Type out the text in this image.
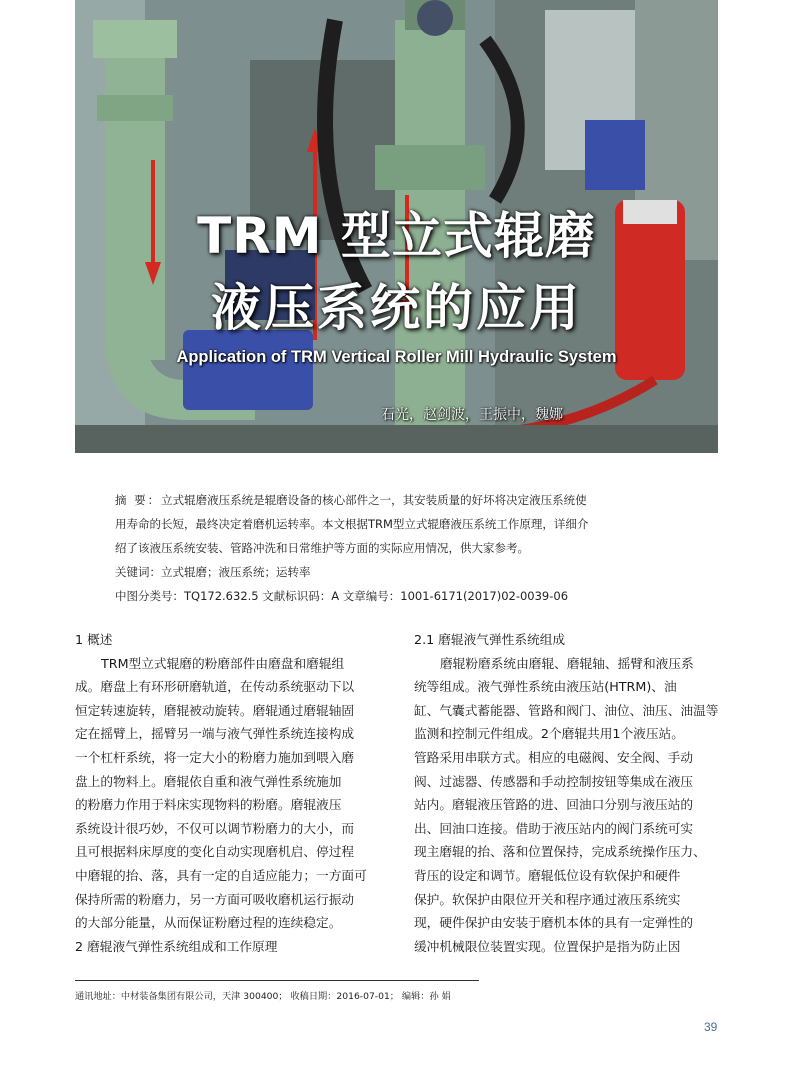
TRM 型立式辊磨
液压系统的应用
Application of TRM Vertical Roller Mill Hydraulic System
石光，赵剑波，王振中，魏娜
摘 要：立式辊磨液压系统是辊磨设备的核心部件之一，其安装质量的好坏将决定液压系统使
用寿命的长短，最终决定着磨机运转率。本文根据TRM型立式辊磨液压系统工作原理，详细介
绍了该液压系统安装、管路冲洗和日常维护等方面的实际应用情况，供大家参考。
关键词：立式辊磨；液压系统；运转率
中图分类号：TQ172.632.5 文献标识码：A 文章编号：1001-6171(2017)02-0039-06
1 概述
TRM型立式辊磨的粉磨部件由磨盘和磨辊组
成。磨盘上有环形研磨轨道，在传动系统驱动下以
恒定转速旋转，磨辊被动旋转。磨辊通过磨辊轴固
定在摇臂上，摇臂另一端与液气弹性系统连接构成
一个杠杆系统，将一定大小的粉磨力施加到喂入磨
盘上的物料上。磨辊依自重和液气弹性系统施加
的粉磨力作用于料床实现物料的粉磨。磨辊液压
系统设计很巧妙，不仅可以调节粉磨力的大小，而
且可根据料床厚度的变化自动实现磨机启、停过程
中磨辊的抬、落，具有一定的自适应能力；一方面可
保持所需的粉磨力，另一方面可吸收磨机运行振动
的大部分能量，从而保证粉磨过程的连续稳定。
2 磨辊液气弹性系统组成和工作原理
2.1 磨辊液气弹性系统组成
磨辊粉磨系统由磨辊、磨辊轴、摇臂和液压系
统等组成。液气弹性系统由液压站(HTRM)、油
缸、气囊式蓄能器、管路和阀门、油位、油压、油温等
监测和控制元件组成。2个磨辊共用1个液压站。
管路采用串联方式。相应的电磁阀、安全阀、手动
阀、过滤器、传感器和手动控制按钮等集成在液压
站内。磨辊液压管路的进、回油口分别与液压站的
出、回油口连接。借助于液压站内的阀门系统可实
现主磨辊的抬、落和位置保持，完成系统操作压力、
背压的设定和调节。磨辊低位设有软保护和硬件
保护。软保护由限位开关和程序通过液压系统实
现，硬件保护由安装于磨机本体的具有一定弹性的
缓冲机械限位装置实现。位置保护是指为防止因
通讯地址：中材装备集团有限公司，天津 300400； 收稿日期：2016-07-01； 编辑：孙 娟
39
